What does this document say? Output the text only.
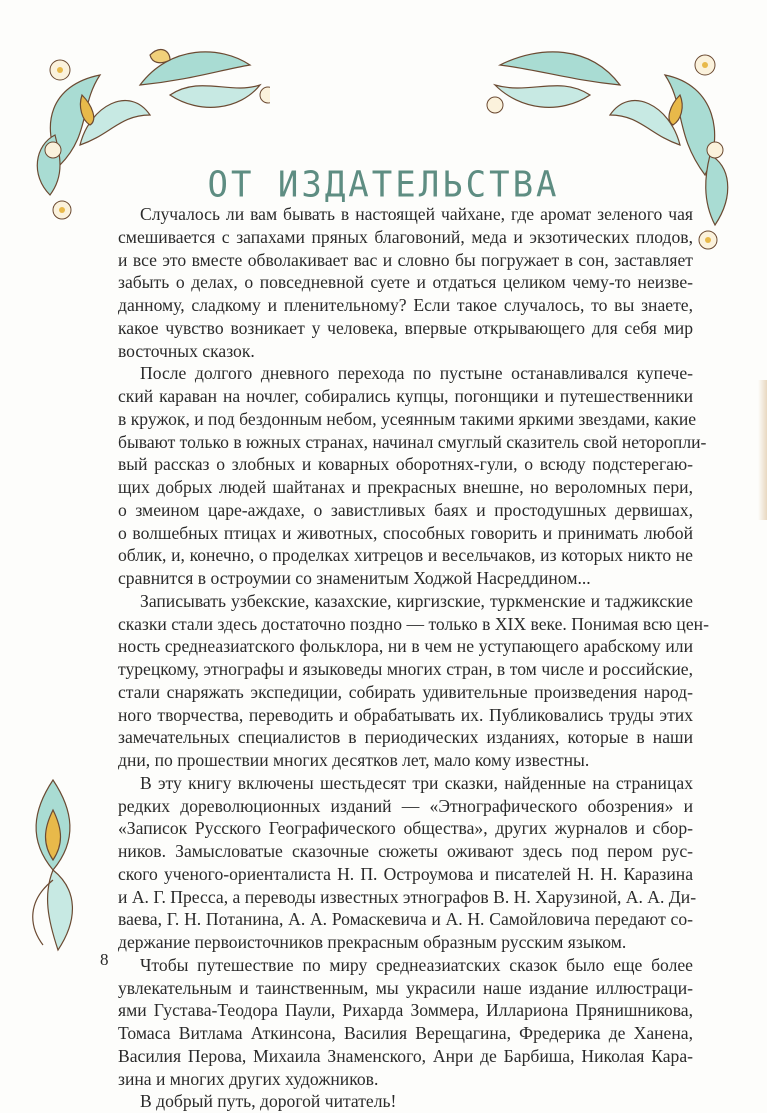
ОТ ИЗДАТЕЛЬСТВА
Случалось ли вам бывать в настоящей чайхане, где аромат зеленого чая
смешивается с запахами пряных благовоний, меда и экзотических плодов,
и все это вместе обволакивает вас и словно бы погружает в сон, заставляет
забыть о делах, о повседневной суете и отдаться целиком чему-то неизве-
данному, сладкому и пленительному? Если такое случалось, то вы знаете,
какое чувство возникает у человека, впервые открывающего для себя мир
восточных сказок.
После долгого дневного перехода по пустыне останавливался купече-
ский караван на ночлег, собирались купцы, погонщики и путешественники
в кружок, и под бездонным небом, усеянным такими яркими звездами, какие
бывают только в южных странах, начинал смуглый сказитель свой неторопли-
вый рассказ о злобных и коварных оборотнях-гули, о всюду подстерегаю-
щих добрых людей шайтанах и прекрасных внешне, но вероломных пери,
о змеином царе-аждахе, о завистливых баях и простодушных дервишах,
о волшебных птицах и животных, способных говорить и принимать любой
облик, и, конечно, о проделках хитрецов и весельчаков, из которых никто не
сравнится в остроумии со знаменитым Ходжой Насреддином...
Записывать узбекские, казахские, киргизские, туркменские и таджикские
сказки стали здесь достаточно поздно — только в XIX веке. Понимая всю цен-
ность среднеазиатского фольклора, ни в чем не уступающего арабскому или
турецкому, этнографы и языковеды многих стран, в том числе и российские,
стали снаряжать экспедиции, собирать удивительные произведения народ-
ного творчества, переводить и обрабатывать их. Публиковались труды этих
замечательных специалистов в периодических изданиях, которые в наши
дни, по прошествии многих десятков лет, мало кому известны.
В эту книгу включены шестьдесят три сказки, найденные на страницах
редких дореволюционных изданий — «Этнографического обозрения» и
«Записок Русского Географического общества», других журналов и сбор-
ников. Замысловатые сказочные сюжеты оживают здесь под пером рус-
ского ученого-ориенталиста Н. П. Остроумова и писателей Н. Н. Каразина
и А. Г. Пресса, а переводы известных этнографов В. Н. Харузиной, А. А. Ди-
ваева, Г. Н. Потанина, А. А. Ромаскевича и А. Н. Самойловича передают со-
держание первоисточников прекрасным образным русским языком.
Чтобы путешествие по миру среднеазиатских сказок было еще более
увлекательным и таинственным, мы украсили наше издание иллюстраци-
ями Густава-Теодора Паули, Рихарда Зоммера, Иллариона Прянишникова,
Томаса Витлама Аткинсона, Василия Верещагина, Фредерика де Ханена,
Василия Перова, Михаила Знаменского, Анри де Барбиша, Николая Кара-
зина и многих других художников.
В добрый путь, дорогой читатель!
8
